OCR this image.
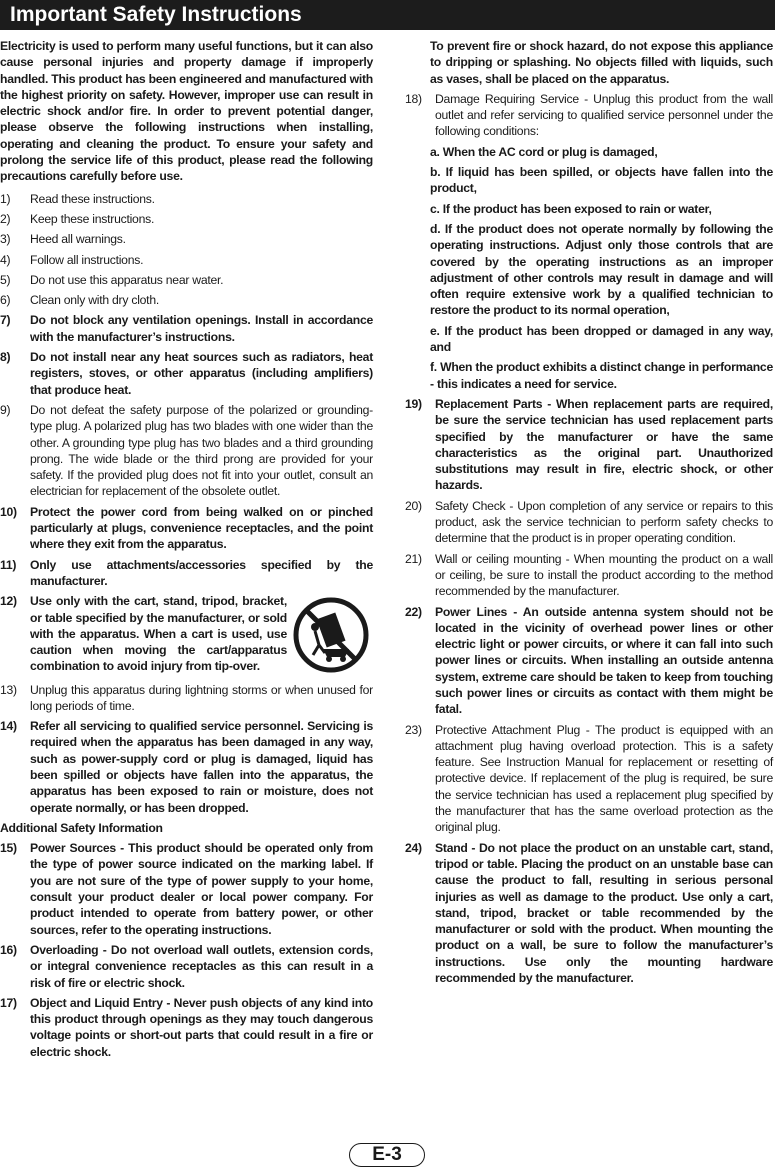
Important Safety Instructions

Electricity is used to perform many useful functions, but it can also cause personal injuries and property damage if improperly handled. This product has been engineered and manufactured with the highest priority on safety. However, improper use can result in electric shock and/or fire. In order to prevent potential danger, please observe the following instructions when installing, operating and cleaning the product. To ensure your safety and prolong the service life of this product, please read the following precautions carefully before use.

1)	Read these instructions.
2)	Keep these instructions.
3)	Heed all warnings.
4)	Follow all instructions.
5)	Do not use this apparatus near water.
6)	Clean only with dry cloth.
7)	Do not block any ventilation openings. Install in accordance with the manufacturer’s instructions.
8)	Do not install near any heat sources such as radiators, heat registers, stoves, or other apparatus (including amplifiers) that produce heat.
9)	Do not defeat the safety purpose of the polarized or grounding-type plug. A polarized plug has two blades with one wider than the other. A grounding type plug has two blades and a third grounding prong. The wide blade or the third prong are provided for your safety. If the provided plug does not fit into your outlet, consult an electrician for replacement of the obsolete outlet.
10)	Protect the power cord from being walked on or pinched particularly at plugs, convenience receptacles, and the point where they exit from the apparatus.
11)	Only use attachments/accessories specified by the manufacturer.
12)	Use only with the cart, stand, tripod, bracket, or table specified by the manufacturer, or sold with the apparatus. When a cart is used, use caution when moving the cart/apparatus combination to avoid injury from tip-over.
13)	Unplug this apparatus during lightning storms or when unused for long periods of time.
14)	Refer all servicing to qualified service personnel. Servicing is required when the apparatus has been damaged in any way, such as power-supply cord or plug is damaged, liquid has been spilled or objects have fallen into the apparatus, the apparatus has been exposed to rain or moisture, does not operate normally, or has been dropped.
Additional Safety Information
15)	Power Sources - This product should be operated only from the type of power source indicated on the marking label. If you are not sure of the type of power supply to your home, consult your product dealer or local power company. For product intended to operate from battery power, or other sources, refer to the operating instructions.
16)	Overloading - Do not overload wall outlets, extension cords, or integral convenience receptacles as this can result in a risk of fire or electric shock.
17)	Object and Liquid Entry - Never push objects of any kind into this product through openings as they may touch dangerous voltage points or short-out parts that could result in a fire or electric shock.

To prevent fire or shock hazard, do not expose this appliance to dripping or splashing. No objects filled with liquids, such as vases, shall be placed on the apparatus.

18)	Damage Requiring Service - Unplug this product from the wall outlet and refer servicing to qualified service personnel under the following conditions:
a. When the AC cord or plug is damaged,
b. If liquid has been spilled, or objects have fallen into the product,
c. If the product has been exposed to rain or water,
d. If the product does not operate normally by following the operating instructions. Adjust only those controls that are covered by the operating instructions as an improper adjustment of other controls may result in damage and will often require extensive work by a qualified technician to restore the product to its normal operation,
e. If the product has been dropped or damaged in any way, and
f. When the product exhibits a distinct change in performance - this indicates a need for service.
19)	Replacement Parts - When replacement parts are required, be sure the service technician has used replacement parts specified by the manufacturer or have the same characteristics as the original part. Unauthorized substitutions may result in fire, electric shock, or other hazards.
20)	Safety Check - Upon completion of any service or repairs to this product, ask the service technician to perform safety checks to determine that the product is in proper operating condition.
21)	Wall or ceiling mounting - When mounting the product on a wall or ceiling, be sure to install the product according to the method recommended by the manufacturer.
22)	Power Lines - An outside antenna system should not be located in the vicinity of overhead power lines or other electric light or power circuits, or where it can fall into such power lines or circuits. When installing an outside antenna system, extreme care should be taken to keep from touching such power lines or circuits as contact with them might be fatal.
23)	Protective Attachment Plug - The product is equipped with an attachment plug having overload protection. This is a safety feature. See Instruction Manual for replacement or resetting of protective device. If replacement of the plug is required, be sure the service technician has used a replacement plug specified by the manufacturer that has the same overload protection as the original plug.
24)	Stand - Do not place the product on an unstable cart, stand, tripod or table. Placing the product on an unstable base can cause the product to fall, resulting in serious personal injuries as well as damage to the product. Use only a cart, stand, tripod, bracket or table recommended by the manufacturer or sold with the product. When mounting the product on a wall, be sure to follow the manufacturer’s instructions. Use only the mounting hardware recommended by the manufacturer.
E-3
